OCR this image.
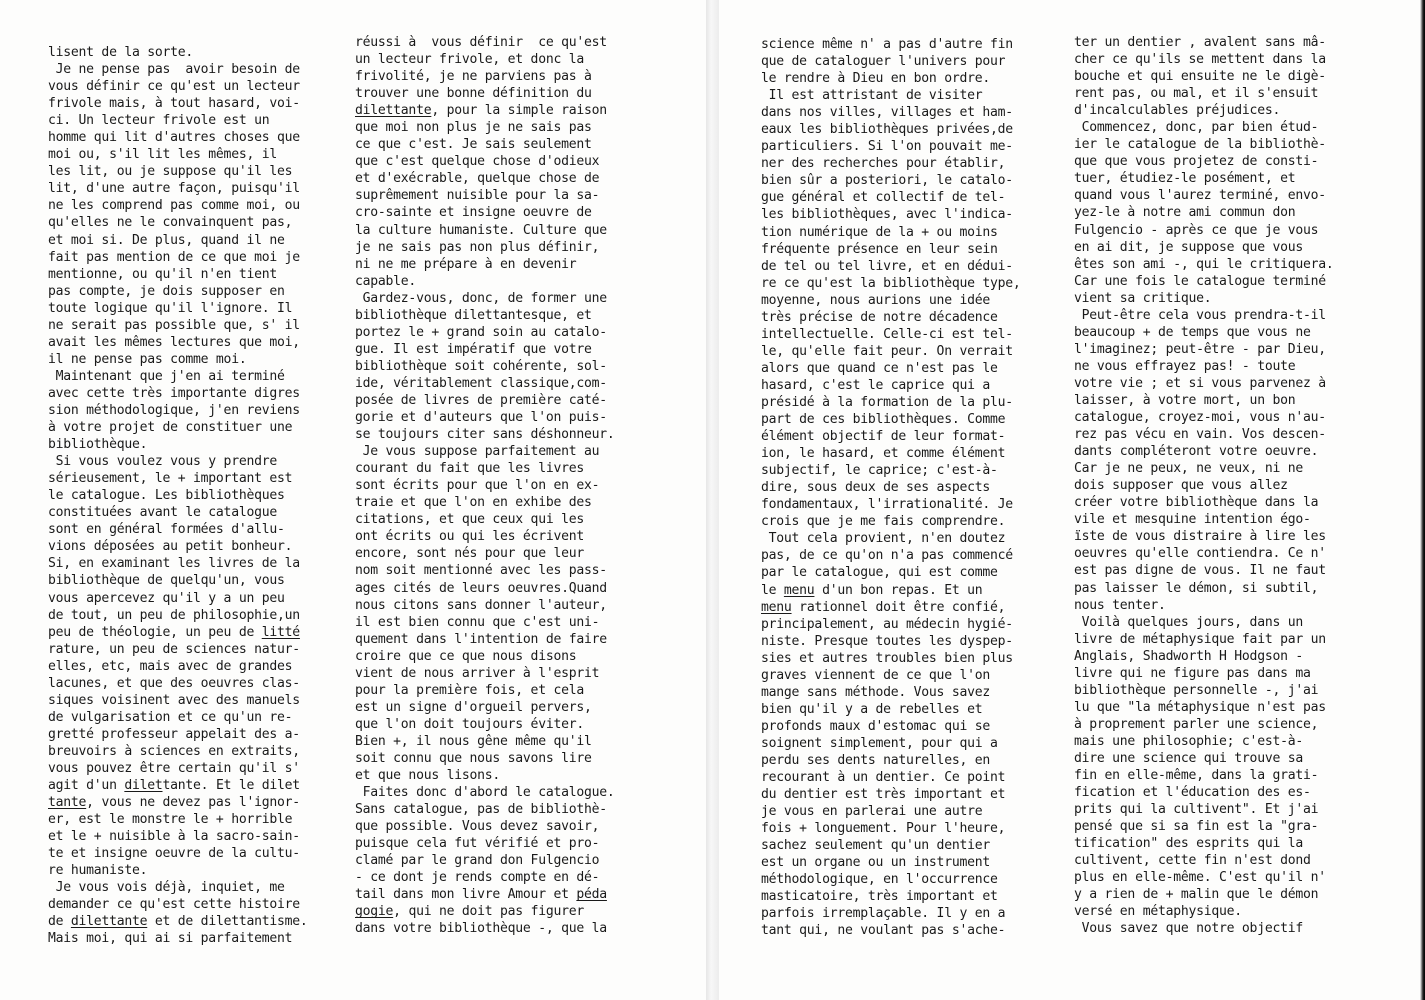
lisent de la sorte.
Je ne pense pas  avoir besoin de
vous définir ce qu'est un lecteur
frivole mais, à tout hasard, voi-
ci. Un lecteur frivole est un
homme qui lit d'autres choses que
moi ou, s'il lit les mêmes, il
les lit, ou je suppose qu'il les
lit, d'une autre façon, puisqu'il
ne les comprend pas comme moi, ou
qu'elles ne le convainquent pas,
et moi si. De plus, quand il ne
fait pas mention de ce que moi je
mentionne, ou qu'il n'en tient
pas compte, je dois supposer en
toute logique qu'il l'ignore. Il
ne serait pas possible que, s' il
avait les mêmes lectures que moi,
il ne pense pas comme moi.
Maintenant que j'en ai terminé
avec cette très importante digres
sion méthodologique, j'en reviens
à votre projet de constituer une
bibliothèque.
Si vous voulez vous y prendre
sérieusement, le + important est
le catalogue. Les bibliothèques
constituées avant le catalogue
sont en général formées d'allu-
vions déposées au petit bonheur.
Si, en examinant les livres de la
bibliothèque de quelqu'un, vous
vous apercevez qu'il y a un peu
de tout, un peu de philosophie,un
peu de théologie, un peu de litté
rature, un peu de sciences natur-
elles, etc, mais avec de grandes
lacunes, et que des oeuvres clas-
siques voisinent avec des manuels
de vulgarisation et ce qu'un re-
gretté professeur appelait des a-
breuvoirs à sciences en extraits,
vous pouvez être certain qu'il s'
agit d'un dilettante. Et le dilet
tante, vous ne devez pas l'ignor-
er, est le monstre le + horrible
et le + nuisible à la sacro-sain-
te et insigne oeuvre de la cultu-
re humaniste.
Je vous vois déjà, inquiet, me
demander ce qu'est cette histoire
de dilettante et de dilettantisme.
Mais moi, qui ai si parfaitement
réussi à  vous définir  ce qu'est
un lecteur frivole, et donc la
frivolité, je ne parviens pas à
trouver une bonne définition du
dilettante, pour la simple raison
que moi non plus je ne sais pas
ce que c'est. Je sais seulement
que c'est quelque chose d'odieux
et d'exécrable, quelque chose de
suprêmement nuisible pour la sa-
cro-sainte et insigne oeuvre de
la culture humaniste. Culture que
je ne sais pas non plus définir,
ni ne me prépare à en devenir
capable.
Gardez-vous, donc, de former une
bibliothèque dilettantesque, et
portez le + grand soin au catalo-
gue. Il est impératif que votre
bibliothèque soit cohérente, sol-
ide, véritablement classique,com-
posée de livres de première caté-
gorie et d'auteurs que l'on puis-
se toujours citer sans déshonneur.
Je vous suppose parfaitement au
courant du fait que les livres
sont écrits pour que l'on en ex-
traie et que l'on en exhibe des
citations, et que ceux qui les
ont écrits ou qui les écrivent
encore, sont nés pour que leur
nom soit mentionné avec les pass-
ages cités de leurs oeuvres.Quand
nous citons sans donner l'auteur,
il est bien connu que c'est uni-
quement dans l'intention de faire
croire que ce que nous disons
vient de nous arriver à l'esprit
pour la première fois, et cela
est un signe d'orgueil pervers,
que l'on doit toujours éviter.
Bien +, il nous gêne même qu'il
soit connu que nous savons lire
et que nous lisons.
Faites donc d'abord le catalogue.
Sans catalogue, pas de bibliothè-
que possible. Vous devez savoir,
puisque cela fut vérifié et pro-
clamé par le grand don Fulgencio
- ce dont je rends compte en dé-
tail dans mon livre Amour et péda
gogie, qui ne doit pas figurer
dans votre bibliothèque -, que la
science même n' a pas d'autre fin
que de cataloguer l'univers pour
le rendre à Dieu en bon ordre.
Il est attristant de visiter
dans nos villes, villages et ham-
eaux les bibliothèques privées,de
particuliers. Si l'on pouvait me-
ner des recherches pour établir,
bien sûr a posteriori, le catalo-
gue général et collectif de tel-
les bibliothèques, avec l'indica-
tion numérique de la + ou moins
fréquente présence en leur sein
de tel ou tel livre, et en dédui-
re ce qu'est la bibliothèque type,
moyenne, nous aurions une idée
très précise de notre décadence
intellectuelle. Celle-ci est tel-
le, qu'elle fait peur. On verrait
alors que quand ce n'est pas le
hasard, c'est le caprice qui a
présidé à la formation de la plu-
part de ces bibliothèques. Comme
élément objectif de leur format-
ion, le hasard, et comme élément
subjectif, le caprice; c'est-à-
dire, sous deux de ses aspects
fondamentaux, l'irrationalité. Je
crois que je me fais comprendre.
Tout cela provient, n'en doutez
pas, de ce qu'on n'a pas commencé
par le catalogue, qui est comme
le menu d'un bon repas. Et un
menu rationnel doit être confié,
principalement, au médecin hygié-
niste. Presque toutes les dyspep-
sies et autres troubles bien plus
graves viennent de ce que l'on
mange sans méthode. Vous savez
bien qu'il y a de rebelles et
profonds maux d'estomac qui se
soignent simplement, pour qui a
perdu ses dents naturelles, en
recourant à un dentier. Ce point
du dentier est très important et
je vous en parlerai une autre
fois + longuement. Pour l'heure,
sachez seulement qu'un dentier
est un organe ou un instrument
méthodologique, en l'occurrence
masticatoire, très important et
parfois irremplaçable. Il y en a
tant qui, ne voulant pas s'ache-
ter un dentier , avalent sans mâ-
cher ce qu'ils se mettent dans la
bouche et qui ensuite ne le digè-
rent pas, ou mal, et il s'ensuit
d'incalculables préjudices.
Commencez, donc, par bien étud-
ier le catalogue de la bibliothè-
que que vous projetez de consti-
tuer, étudiez-le posément, et
quand vous l'aurez terminé, envo-
yez-le à notre ami commun don
Fulgencio - après ce que je vous
en ai dit, je suppose que vous
êtes son ami -, qui le critiquera.
Car une fois le catalogue terminé
vient sa critique.
Peut-être cela vous prendra-t-il
beaucoup + de temps que vous ne
l'imaginez; peut-être - par Dieu,
ne vous effrayez pas! - toute
votre vie ; et si vous parvenez à
laisser, à votre mort, un bon
catalogue, croyez-moi, vous n'au-
rez pas vécu en vain. Vos descen-
dants compléteront votre oeuvre.
Car je ne peux, ne veux, ni ne
dois supposer que vous allez
créer votre bibliothèque dans la
vile et mesquine intention égo-
ïste de vous distraire à lire les
oeuvres qu'elle contiendra. Ce n'
est pas digne de vous. Il ne faut
pas laisser le démon, si subtil,
nous tenter.
Voilà quelques jours, dans un
livre de métaphysique fait par un
Anglais, Shadworth H Hodgson -
livre qui ne figure pas dans ma
bibliothèque personnelle -, j'ai
lu que "la métaphysique n'est pas
à proprement parler une science,
mais une philosophie; c'est-à-
dire une science qui trouve sa
fin en elle-même, dans la grati-
fication et l'éducation des es-
prits qui la cultivent". Et j'ai
pensé que si sa fin est la "gra-
tification" des esprits qui la
cultivent, cette fin n'est dond
plus en elle-même. C'est qu'il n'
y a rien de + malin que le démon
versé en métaphysique.
Vous savez que notre objectif
